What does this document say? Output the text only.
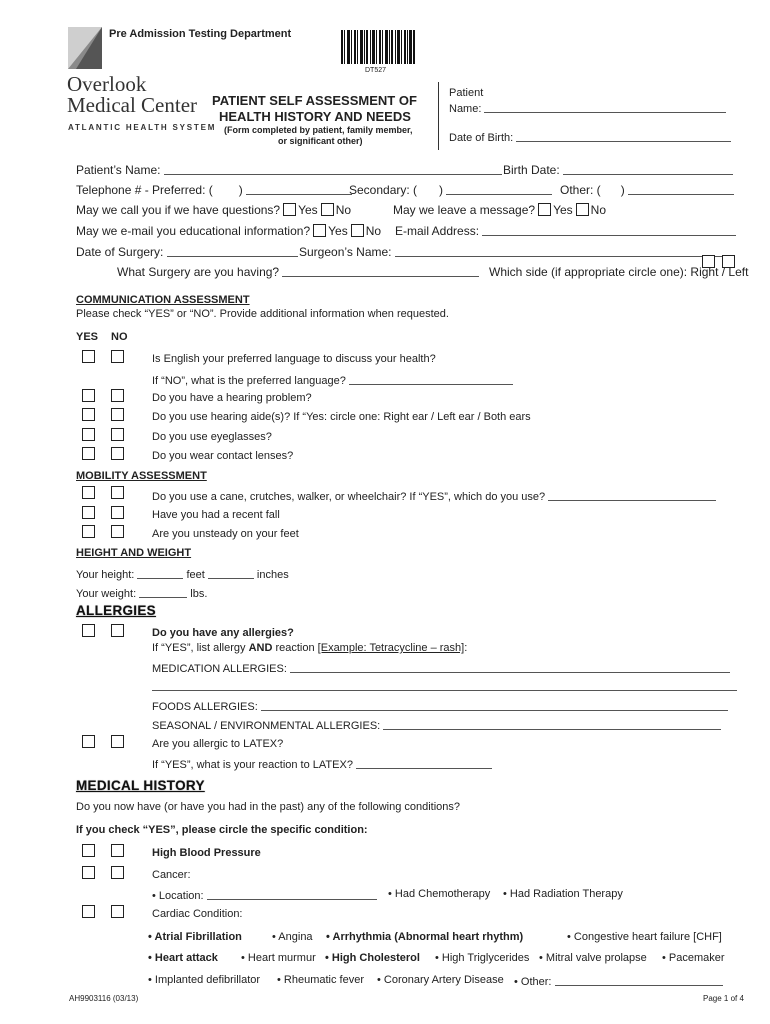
Pre Admission Testing Department
DT527
Overlook
Medical Center
ATLANTIC HEALTH SYSTEM
PATIENT SELF ASSESSMENT OF
HEALTH HISTORY AND NEEDS
(Form completed by patient, family member,
or significant other)
Patient
Name:
Date of Birth:
Patient’s Name:	Birth Date:
Telephone # - Preferred: ( )	Secondary: ( )	Other: ( )
May we call you if we have questions? Yes No	May we leave a message? Yes No
May we e-mail you educational information? Yes No E-mail Address:
Date of Surgery:	Surgeon’s Name:
What Surgery are you having?	Which side (if appropriate circle one): Right / Left
COMMUNICATION ASSESSMENT
Please check “YES” or “NO”. Provide additional information when requested.
YES NO
Is English your preferred language to discuss your health?
If “NO”, what is the preferred language?
Do you have a hearing problem?
Do you use hearing aide(s)? If “Yes: circle one: Right ear / Left ear / Both ears
Do you use eyeglasses?
Do you wear contact lenses?
MOBILITY ASSESSMENT
Do you use a cane, crutches, walker, or wheelchair? If “YES”, which do you use?
Have you had a recent fall
Are you unsteady on your feet
HEIGHT AND WEIGHT
Your height:	feet	inches
Your weight:	lbs.
ALLERGIES
Do you have any allergies?
If “YES”, list allergy AND reaction [Example: Tetracycline – rash]:
MEDICATION ALLERGIES:
FOODS ALLERGIES:
SEASONAL / ENVIRONMENTAL ALLERGIES:
Are you allergic to LATEX?
If “YES”, what is your reaction to LATEX?
MEDICAL HISTORY
Do you now have (or have you had in the past) any of the following conditions?
If you check “YES”, please circle the specific condition:
High Blood Pressure
Cancer:
• Location:	• Had Chemotherapy • Had Radiation Therapy
Cardiac Condition:
• Atrial Fibrillation	• Angina • Arrhythmia (Abnormal heart rhythm)	• Congestive heart failure [CHF]
• Heart attack • Heart murmur • High Cholesterol • High Triglycerides • Mitral valve prolapse • Pacemaker
• Implanted defibrillator • Rheumatic fever • Coronary Artery Disease • Other:
AH9903116 (03/13)	Page 1 of 4
